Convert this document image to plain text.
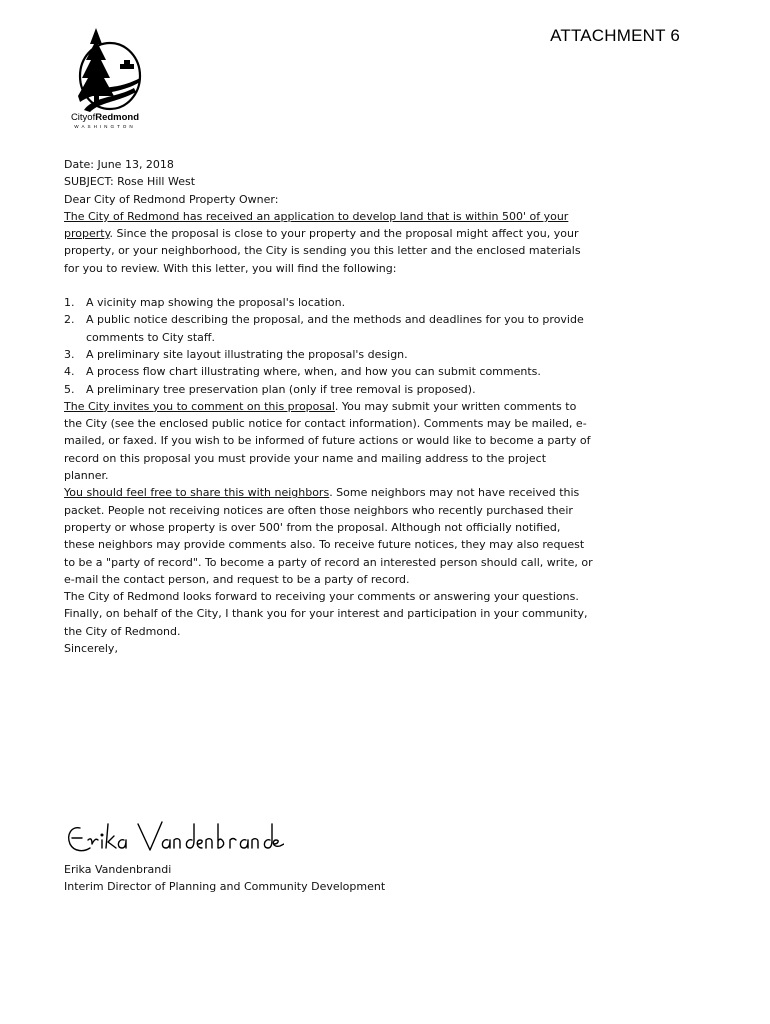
ATTACHMENT 6
CityofRedmond
WASHINGTON

Date: June 13, 2018

SUBJECT: Rose Hill West

Dear City of Redmond Property Owner:

The City of Redmond has received an application to develop land that is within 500' of your property. Since the proposal is close to your property and the proposal might affect you, your property, or your neighborhood, the City is sending you this letter and the enclosed materials for you to review. With this letter, you will find the following:

1. A vicinity map showing the proposal's location.
2. A public notice describing the proposal, and the methods and deadlines for you to provide comments to City staff.
3. A preliminary site layout illustrating the proposal's design.
4. A process flow chart illustrating where, when, and how you can submit comments.
5. A preliminary tree preservation plan (only if tree removal is proposed).

The City invites you to comment on this proposal. You may submit your written comments to the City (see the enclosed public notice for contact information). Comments may be mailed, e-mailed, or faxed. If you wish to be informed of future actions or would like to become a party of record on this proposal you must provide your name and mailing address to the project planner.

You should feel free to share this with neighbors. Some neighbors may not have received this packet. People not receiving notices are often those neighbors who recently purchased their property or whose property is over 500' from the proposal. Although not officially notified, these neighbors may provide comments also. To receive future notices, they may also request to be a "party of record". To become a party of record an interested person should call, write, or e-mail the contact person, and request to be a party of record.

The City of Redmond looks forward to receiving your comments or answering your questions. Finally, on behalf of the City, I thank you for your interest and participation in your community, the City of Redmond.

Sincerely,

Erika Vandenbrandi
Interim Director of Planning and Community Development
